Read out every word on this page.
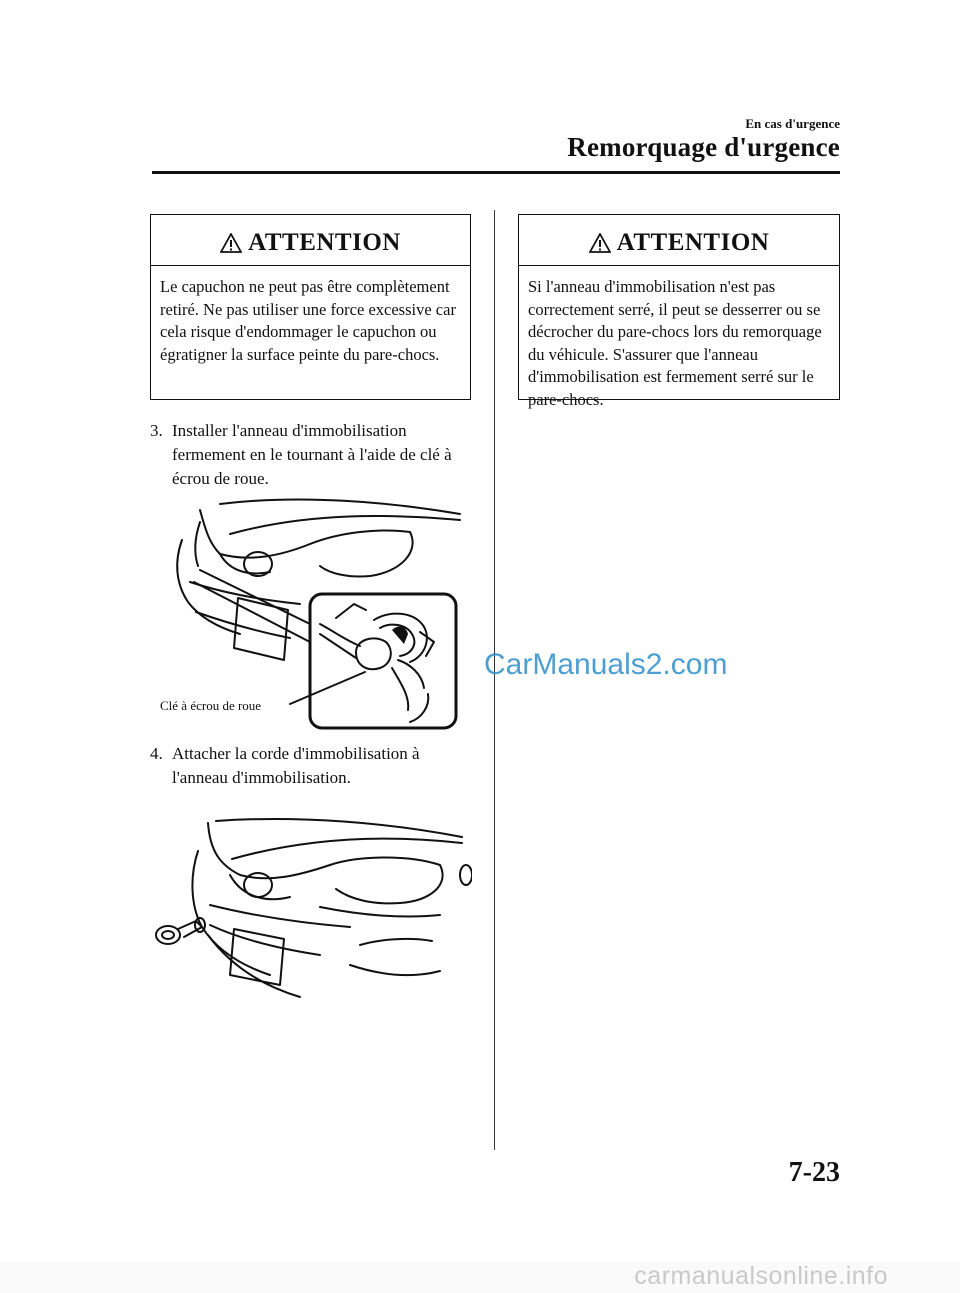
En cas d'urgence
Remorquage d'urgence
ATTENTION
Le capuchon ne peut pas être complètement retiré. Ne pas utiliser une force excessive car cela risque d'endommager le capuchon ou égratigner la surface peinte du pare-chocs.
3. Installer l'anneau d'immobilisation fermement en le tournant à l'aide de clé à écrou de roue.
Clé à écrou de roue
4. Attacher la corde d'immobilisation à l'anneau d'immobilisation.
ATTENTION
Si l'anneau d'immobilisation n'est pas correctement serré, il peut se desserrer ou se décrocher du pare-chocs lors du remorquage du véhicule. S'assurer que l'anneau d'immobilisation est fermement serré sur le pare-chocs.
CarManuals2.com
7-23
carmanualsonline.info
